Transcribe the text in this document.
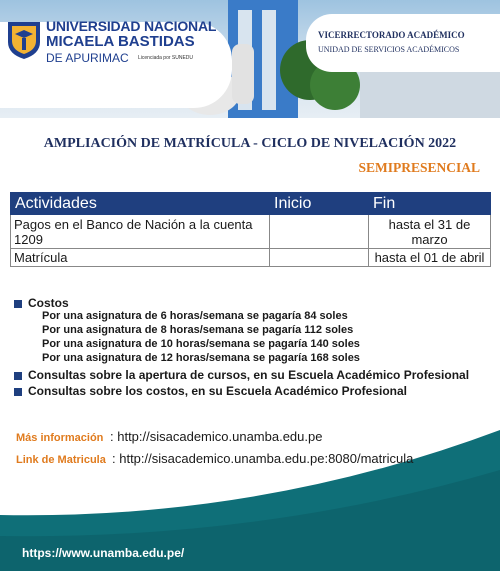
UNIVERSIDAD NACIONAL
MICAELA BASTIDAS
DE APURIMAC Licenciada por SUNEDU
VICERRECTORADO ACADÉMICO
UNIDAD DE SERVICIOS ACADÉMICOS
AMPLIACIÓN DE MATRÍCULA - CICLO DE NIVELACIÓN 2022
SEMIPRESENCIAL
Actividades	Inicio	Fin
Pagos en el Banco de Nación a la cuenta 1209		hasta el 31 de marzo
Matrícula		hasta el 01 de abril
Costos
Por una asignatura de 6 horas/semana se pagaría 84 soles
Por una asignatura de 8 horas/semana se pagaría 112 soles
Por una asignatura de 10 horas/semana se pagaría 140 soles
Por una asignatura de 12 horas/semana se pagaría 168 soles
Consultas sobre la apertura de cursos, en su Escuela Académico Profesional
Consultas sobre los costos, en su Escuela Académico Profesional
Más información : http://sisacademico.unamba.edu.pe
Link de Matricula : http://sisacademico.unamba.edu.pe:8080/matricula
https://www.unamba.edu.pe/
